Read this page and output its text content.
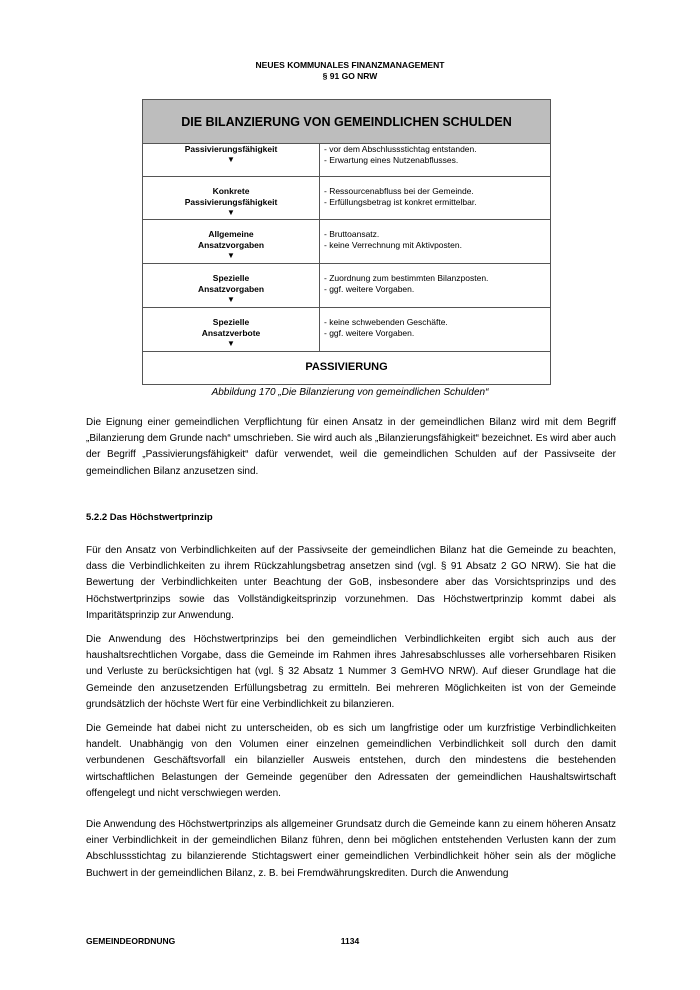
NEUES KOMMUNALES FINANZMANAGEMENT
§ 91 GO NRW
DIE BILANZIERUNG VON GEMEINDLICHEN SCHULDEN
Passivierungsfähigkeit
▼
- vor dem Abschlussstichtag entstanden.
- Erwartung eines Nutzenabflusses.
Konkrete
Passivierungsfähigkeit
▼
- Ressourcenabfluss bei der Gemeinde.
- Erfüllungsbetrag ist konkret ermittelbar.
Allgemeine
Ansatzvorgaben
▼
- Bruttoansatz.
- keine Verrechnung mit Aktivposten.
Spezielle
Ansatzvorgaben
▼
- Zuordnung zum bestimmten Bilanzposten.
- ggf. weitere Vorgaben.
Spezielle
Ansatzverbote
▼
- keine schwebenden Geschäfte.
- ggf. weitere Vorgaben.
PASSIVIERUNG
Abbildung 170 „Die Bilanzierung von gemeindlichen Schulden“

Die Eignung einer gemeindlichen Verpflichtung für einen Ansatz in der gemeindlichen Bilanz wird mit dem Begriff „Bilanzierung dem Grunde nach“ umschrieben. Sie wird auch als „Bilanzierungsfähigkeit“ bezeichnet. Es wird aber auch der Begriff „Passivierungsfähigkeit“ dafür verwendet, weil die gemeindlichen Schulden auf der Passivseite der gemeindlichen Bilanz anzusetzen sind.

5.2.2 Das Höchstwertprinzip

Für den Ansatz von Verbindlichkeiten auf der Passivseite der gemeindlichen Bilanz hat die Gemeinde zu beachten, dass die Verbindlichkeiten zu ihrem Rückzahlungsbetrag ansetzen sind (vgl. § 91 Absatz 2 GO NRW). Sie hat die Bewertung der Verbindlichkeiten unter Beachtung der GoB, insbesondere aber das Vorsichtsprinzips und des Höchstwertprinzips sowie das Vollständigkeitsprinzip vorzunehmen. Das Höchstwertprinzip kommt dabei als Imparitätsprinzip zur Anwendung.

Die Anwendung des Höchstwertprinzips bei den gemeindlichen Verbindlichkeiten ergibt sich auch aus der haushaltsrechtlichen Vorgabe, dass die Gemeinde im Rahmen ihres Jahresabschlusses alle vorhersehbaren Risiken und Verluste zu berücksichtigen hat (vgl. § 32 Absatz 1 Nummer 3 GemHVO NRW). Auf dieser Grundlage hat die Gemeinde den anzusetzenden Erfüllungsbetrag zu ermitteln. Bei mehreren Möglichkeiten ist von der Gemeinde grundsätzlich der höchste Wert für eine Verbindlichkeit zu bilanzieren.

Die Gemeinde hat dabei nicht zu unterscheiden, ob es sich um langfristige oder um kurzfristige Verbindlichkeiten handelt. Unabhängig von den Volumen einer einzelnen gemeindlichen Verbindlichkeit soll durch den damit verbundenen Geschäftsvorfall ein bilanzieller Ausweis entstehen, durch den mindestens die bestehenden wirtschaftlichen Belastungen der Gemeinde gegenüber den Adressaten der gemeindlichen Haushaltswirtschaft offengelegt und nicht verschwiegen werden.

Die Anwendung des Höchstwertprinzips als allgemeiner Grundsatz durch die Gemeinde kann zu einem höheren Ansatz einer Verbindlichkeit in der gemeindlichen Bilanz führen, denn bei möglichen entstehenden Verlusten kann der zum Abschlussstichtag zu bilanzierende Stichtagswert einer gemeindlichen Verbindlichkeit höher sein als der mögliche Buchwert in der gemeindlichen Bilanz, z. B. bei Fremdwährungskrediten. Durch die Anwendung

GEMEINDEORDNUNG	1134
